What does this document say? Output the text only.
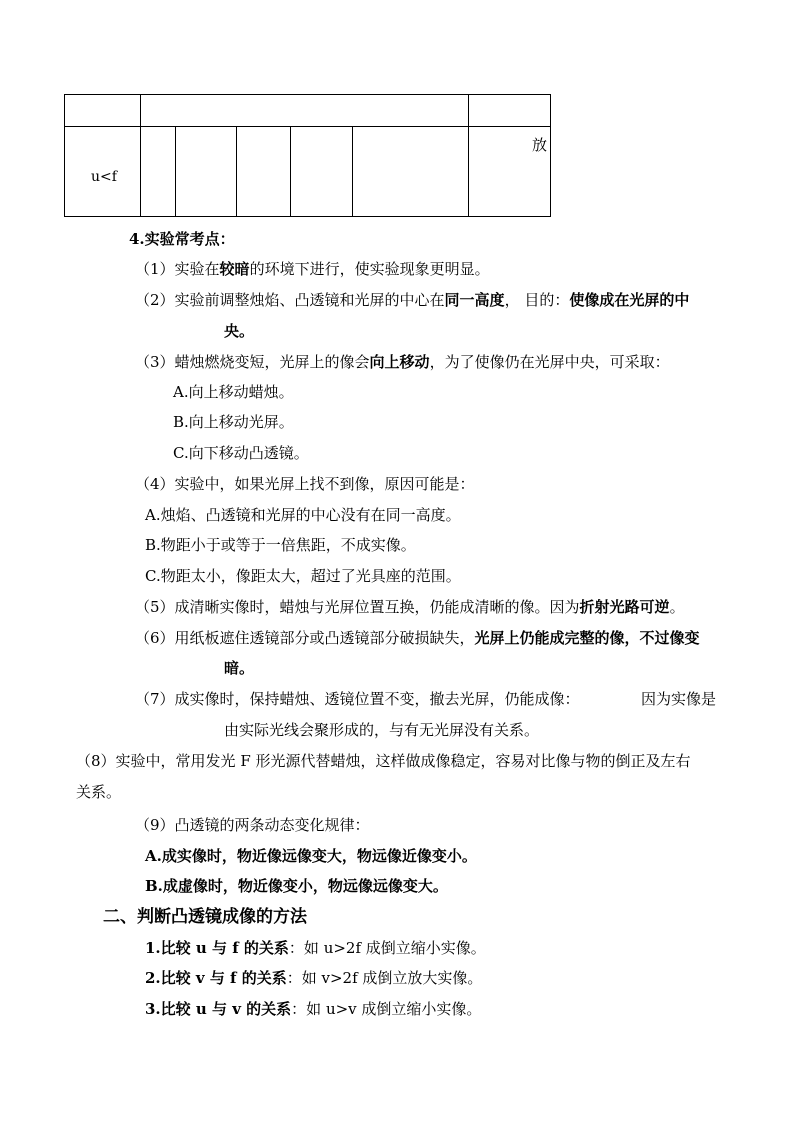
u<f
放
4.实验常考点：
（1）实验在较暗的环境下进行，使实验现象更明显。
（2）实验前调整烛焰、凸透镜和光屏的中心在同一高度， 目的：使像成在光屏的中
央。
（3）蜡烛燃烧变短，光屏上的像会向上移动，为了使像仍在光屏中央，可采取：
A.向上移动蜡烛。
B.向上移动光屏。
C.向下移动凸透镜。
（4）实验中，如果光屏上找不到像，原因可能是：
A.烛焰、凸透镜和光屏的中心没有在同一高度。
B.物距小于或等于一倍焦距，不成实像。
C.物距太小，像距太大，超过了光具座的范围。
（5）成清晰实像时，蜡烛与光屏位置互换，仍能成清晰的像。因为折射光路可逆。
（6）用纸板遮住透镜部分或凸透镜部分破损缺失，光屏上仍能成完整的像，不过像变
暗。
（7）成实像时，保持蜡烛、透镜位置不变，撤去光屏，仍能成像：	因为实像是
由实际光线会聚形成的，与有无光屏没有关系。
（8）实验中，常用发光 F 形光源代替蜡烛，这样做成像稳定，容易对比像与物的倒正及左右
关系。
（9）凸透镜的两条动态变化规律：
A.成实像时，物近像远像变大，物远像近像变小。
B.成虚像时，物近像变小，物远像远像变大。
二、判断凸透镜成像的方法
1.比较 u 与 f 的关系：如 u>2f 成倒立缩小实像。
2.比较 v 与 f 的关系：如 v>2f 成倒立放大实像。
3.比较 u 与 v 的关系：如 u>v 成倒立缩小实像。
